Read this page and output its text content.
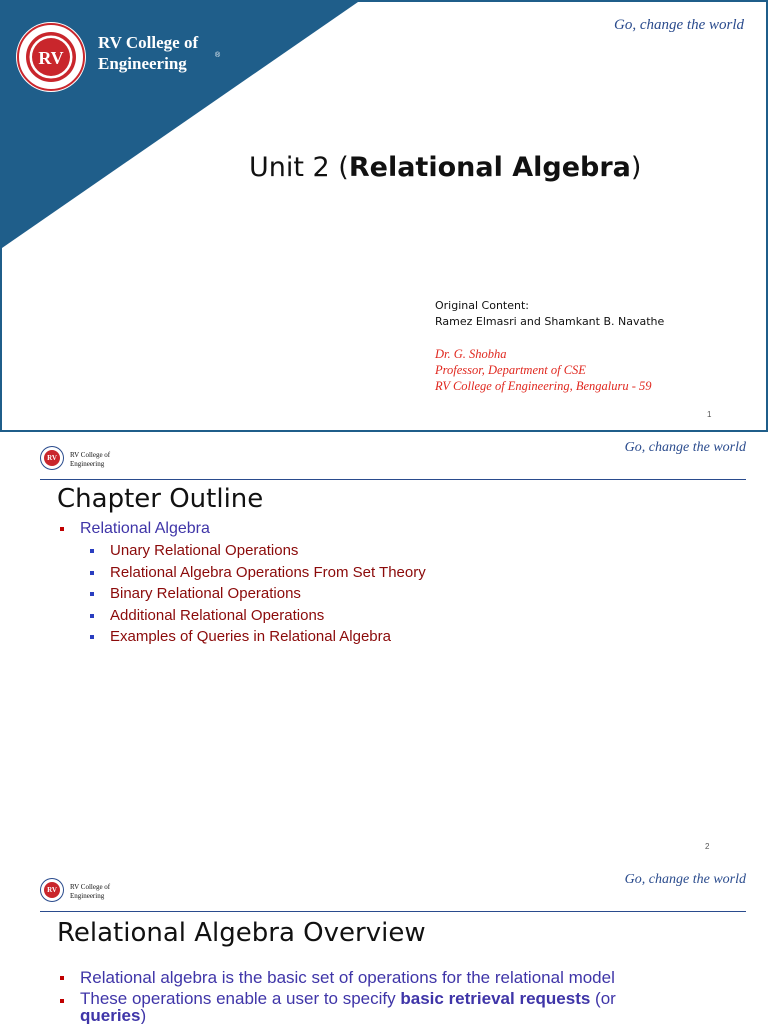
RV
RV College of
Engineering	®
Go, change the world
Unit 2 (Relational Algebra)
Original Content:
Ramez Elmasri and Shamkant B. Navathe
Dr. G. Shobha
Professor, Department of CSE
RV College of Engineering, Bengaluru - 59
1
RV	RV College of
Engineering
Go, change the world
Chapter Outline
Relational Algebra
Unary Relational Operations
Relational Algebra Operations From Set Theory
Binary Relational Operations
Additional Relational Operations
Examples of Queries in Relational Algebra
2
RV	RV College of
Engineering
Go, change the world
Relational Algebra Overview
Relational algebra is the basic set of operations for the relational model
These operations enable a user to specify basic retrieval requests (or
queries)
